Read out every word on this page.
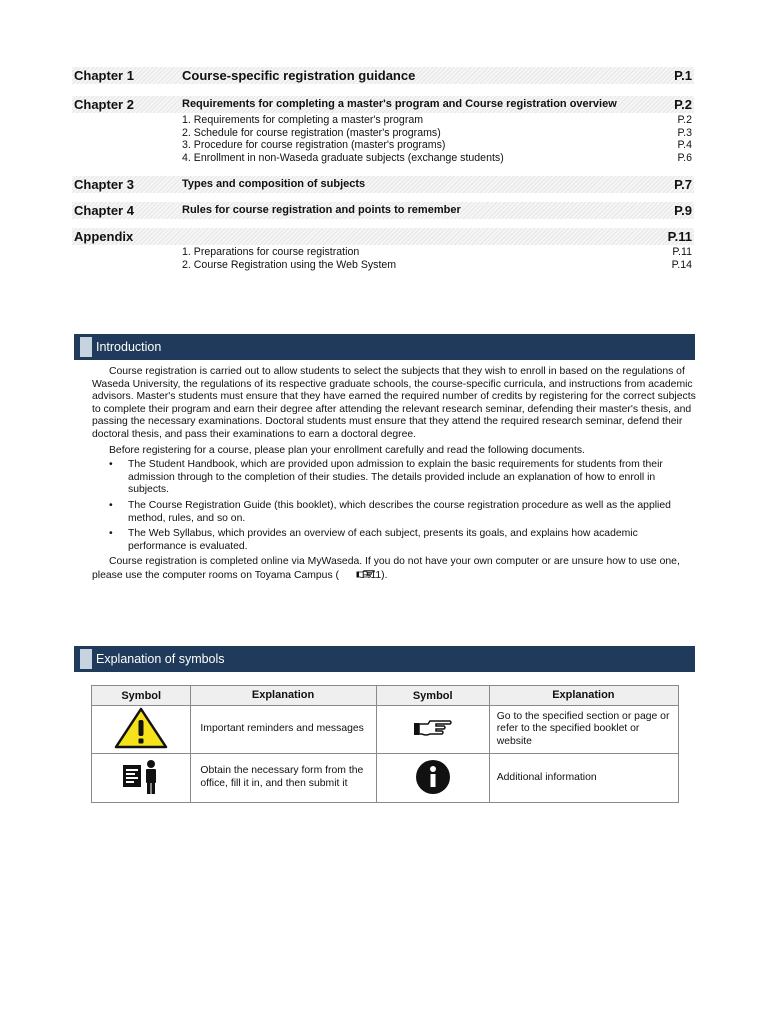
Chapter 1	Course-specific registration guidance	P.1
Chapter 2	Requirements for completing a master's program and Course registration overview	P.2
1. Requirements for completing a master's program	P.2
2. Schedule for course registration (master's programs)	P.3
3. Procedure for course registration (master's programs)	P.4
4. Enrollment in non-Waseda graduate subjects (exchange students)	P.6
Chapter 3	Types and composition of subjects	P.7
Chapter 4	Rules for course registration and points to remember	P.9
Appendix	P.11
1. Preparations for course registration	P.11
2. Course Registration using the Web System	P.14
Introduction

Course registration is carried out to allow students to select the subjects that they wish to enroll in based on the regulations of Waseda University, the regulations of its respective graduate schools, the course-specific curricula, and instructions from academic advisors. Master's students must ensure that they have earned the required number of credits by registering for the correct subjects to complete their program and earn their degree after attending the relevant research seminar, defending their master's thesis, and passing the necessary examinations. Doctoral students must ensure that they attend the required research seminar, defend their doctoral thesis, and pass their examinations to earn a doctoral degree.

Before registering for a course, please plan your enrollment carefully and read the following documents.

• The Student Handbook, which are provided upon admission to explain the basic requirements for students from their admission through to the completion of their studies. The details provided include an explanation of how to enroll in subjects.
• The Course Registration Guide (this booklet), which describes the course registration procedure as well as the applied method, rules, and so on.
• The Web Syllabus, which provides an overview of each subject, presents its goals, and explains how academic performance is evaluated.

Course registration is completed online via MyWaseda. If you do not have your own computer or are unsure how to use one, please use the computer rooms on Toyama Campus ( P.11).

Explanation of symbols
Symbol	Explanation	Symbol	Explanation
	Important reminders and messages		Go to the specified section or page or refer to the specified booklet or website
	Obtain the necessary form from the office, fill it in, and then submit it		Additional information
